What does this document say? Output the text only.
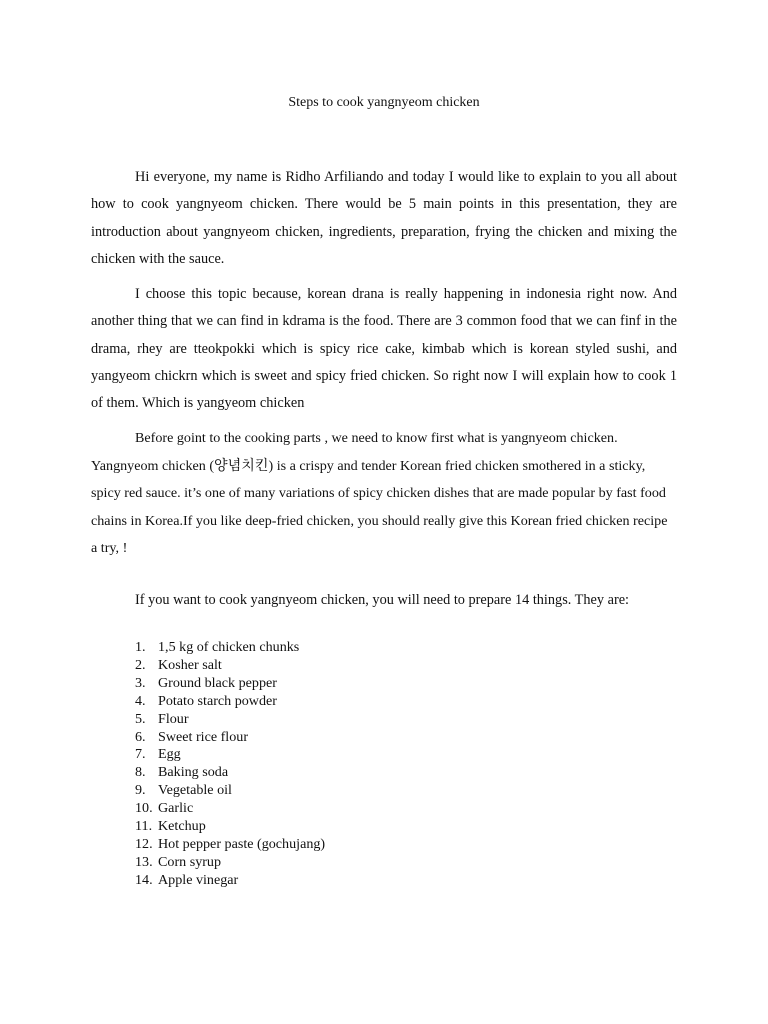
Steps to cook yangnyeom chicken

Hi everyone, my name is Ridho Arfiliando and today I would like to explain to you all about how to cook yangnyeom chicken. There would be 5 main points in this presentation, they are introduction about yangnyeom chicken, ingredients, preparation, frying the chicken and mixing the chicken with the sauce.

I choose this topic because, korean drana is really happening in indonesia right now. And another thing that we can find in kdrama is the food. There are 3 common food that we can finf in the drama, rhey are tteokpokki which is spicy rice cake, kimbab which is korean styled sushi, and yangyeom chickrn which is sweet and spicy fried chicken. So right now I will explain how to cook 1 of them. Which is yangyeom chicken

Before goint to the cooking parts , we need to know first what is yangnyeom chicken. Yangnyeom chicken (양념치킨) is a crispy and tender Korean fried chicken smothered in a sticky, spicy red sauce. it’s one of many variations of spicy chicken dishes that are made popular by fast food chains in Korea.If you like deep-fried chicken, you should really give this Korean fried chicken recipe a try, !

If you want to cook yangnyeom chicken, you will need to prepare 14 things. They are:

1. 1,5 kg of chicken chunks
2. Kosher salt
3. Ground black pepper
4. Potato starch powder
5. Flour
6. Sweet rice flour
7. Egg
8. Baking soda
9. Vegetable oil
10. Garlic
11. Ketchup
12. Hot pepper paste (gochujang)
13. Corn syrup
14. Apple vinegar
